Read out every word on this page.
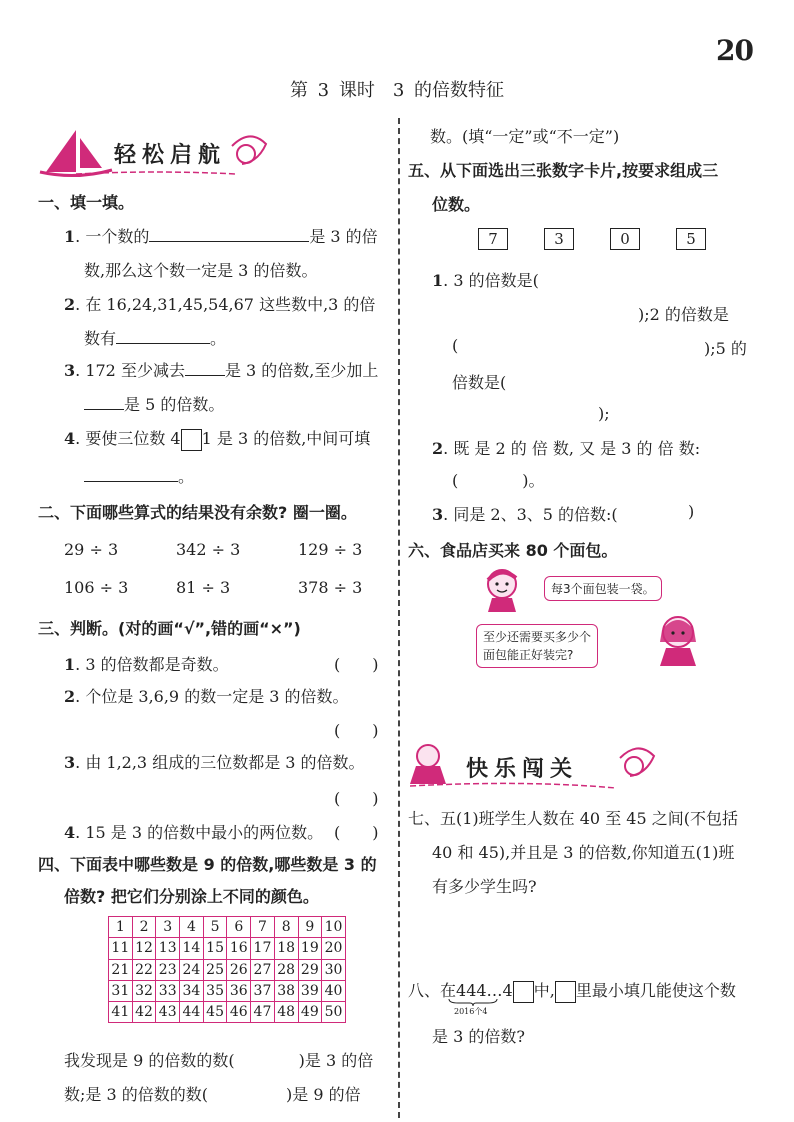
20
第 3 课时　3 的倍数特征
轻松启航
一、填一填。
1. 一个数的	是 3 的倍
数,那么这个数一定是 3 的倍数。
2. 在 16,24,31,45,54,67 这些数中,3 的倍
数有	。
3. 172 至少减去	是 3 的倍数,至少加上
是 5 的倍数。
4. 要使三位数 4 1 是 3 的倍数,中间可填
。
二、下面哪些算式的结果没有余数? 圈一圈。
29 ÷ 3	342 ÷ 3	129 ÷ 3
106 ÷ 3	81 ÷ 3	378 ÷ 3
三、判断。(对的画“√”,错的画“×”)
1. 3 的倍数都是奇数。	(　　)
2. 个位是 3,6,9 的数一定是 3 的倍数。
(　　)
3. 由 1,2,3 组成的三位数都是 3 的倍数。
(　　)
4. 15 是 3 的倍数中最小的两位数。 (　　)
四、下面表中哪些数是 9 的倍数,哪些数是 3 的
倍数? 把它们分别涂上不同的颜色。
1	2	3	4	5	6	7	8	9	10
11	12	13	14	15	16	17	18	19	20
21	22	23	24	25	26	27	28	29	30
31	32	33	34	35	36	37	38	39	40
41	42	43	44	45	46	47	48	49	50
我发现是 9 的倍数的数(	)是 3 的倍
数;是 3 的倍数的数(	)是 9 的倍
数。(填“一定”或“不一定”)
五、从下面选出三张数字卡片,按要求组成三
位数。
7	3	0	5
1. 3 的倍数是(
);2 的倍数是
(	);5 的
倍数是(
);
2. 既 是 2 的 倍 数, 又 是 3 的 倍 数:
(　　　　)。
3. 同是 2、3、5 的倍数:(	)
六、食品店买来 80 个面包。
每3个面包装一袋。
至少还需要买多少个
面包能正好装完?
快乐闯关
七、五(1)班学生人数在 40 至 45 之间(不包括
40 和 45),并且是 3 的倍数,你知道五(1)班
有多少学生吗?
八、在444…4 中, 里最小填几能使这个数
2016个4
是 3 的倍数?
